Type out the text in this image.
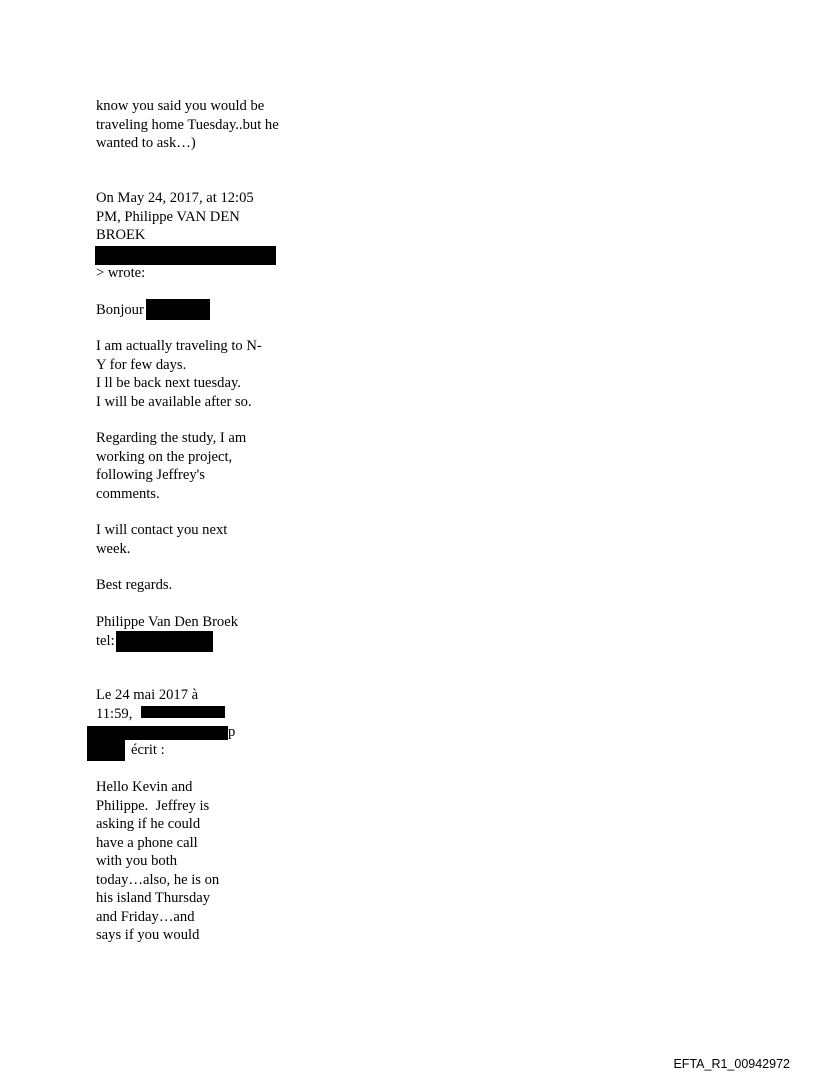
know you said you would be
traveling home Tuesday..but he
wanted to ask…)
On May 24, 2017, at 12:05
PM, Philippe VAN DEN
BROEK
> wrote:
Bonjour
I am actually traveling to N-
Y for few days.
I ll be back next tuesday.
I will be available after so.
Regarding the study, I am
working on the project,
following Jeffrey's
comments.
I will contact you next
week.
Best regards.
Philippe Van Den Broek
tel:
Le 24 mai 2017 à
11:59,
p
écrit :
Hello Kevin and
Philippe.  Jeffrey is
asking if he could
have a phone call
with you both
today…also, he is on
his island Thursday
and Friday…and
says if you would
EFTA_R1_00942972
